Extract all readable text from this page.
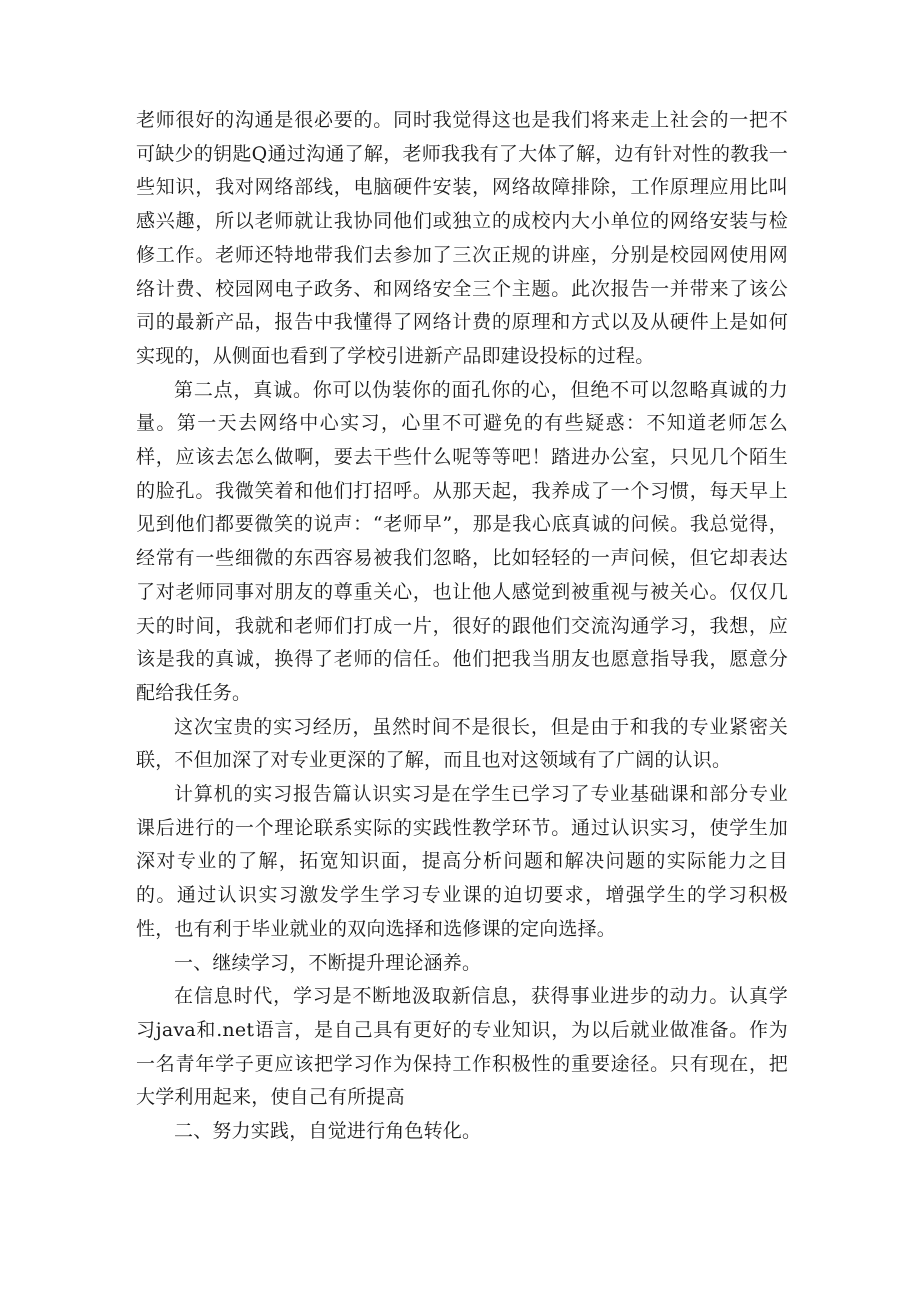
老师很好的沟通是很必要的。同时我觉得这也是我们将来走上社会的一把不可缺少的钥匙Q通过沟通了解，老师我我有了大体了解，边有针对性的教我一些知识，我对网络部线，电脑硬件安装，网络故障排除，工作原理应用比叫感兴趣，所以老师就让我协同他们或独立的成校内大小单位的网络安装与检修工作。老师还特地带我们去参加了三次正规的讲座，分别是校园网使用网络计费、校园网电子政务、和网络安全三个主题。此次报告一并带来了该公司的最新产品，报告中我懂得了网络计费的原理和方式以及从硬件上是如何实现的，从侧面也看到了学校引进新产品即建设投标的过程。

第二点，真诚。你可以伪装你的面孔你的心，但绝不可以忽略真诚的力量。第一天去网络中心实习，心里不可避免的有些疑惑：不知道老师怎么样，应该去怎么做啊，要去干些什么呢等等吧！踏进办公室，只见几个陌生的脸孔。我微笑着和他们打招呼。从那天起，我养成了一个习惯，每天早上见到他们都要微笑的说声：“老师早”，那是我心底真诚的问候。我总觉得，经常有一些细微的东西容易被我们忽略，比如轻轻的一声问候，但它却表达了对老师同事对朋友的尊重关心，也让他人感觉到被重视与被关心。仅仅几天的时间，我就和老师们打成一片，很好的跟他们交流沟通学习，我想，应该是我的真诚，换得了老师的信任。他们把我当朋友也愿意指导我，愿意分配给我任务。

这次宝贵的实习经历，虽然时间不是很长，但是由于和我的专业紧密关联，不但加深了对专业更深的了解，而且也对这领域有了广阔的认识。

计算机的实习报告篇认识实习是在学生已学习了专业基础课和部分专业课后进行的一个理论联系实际的实践性教学环节。通过认识实习，使学生加深对专业的了解，拓宽知识面，提高分析问题和解决问题的实际能力之目的。通过认识实习激发学生学习专业课的迫切要求，增强学生的学习积极性，也有利于毕业就业的双向选择和选修课的定向选择。

一、继续学习，不断提升理论涵养。

在信息时代，学习是不断地汲取新信息，获得事业进步的动力。认真学习java和.net语言，是自己具有更好的专业知识，为以后就业做准备。作为一名青年学子更应该把学习作为保持工作积极性的重要途径。只有现在，把大学利用起来，使自己有所提高

二、努力实践，自觉进行角色转化。
